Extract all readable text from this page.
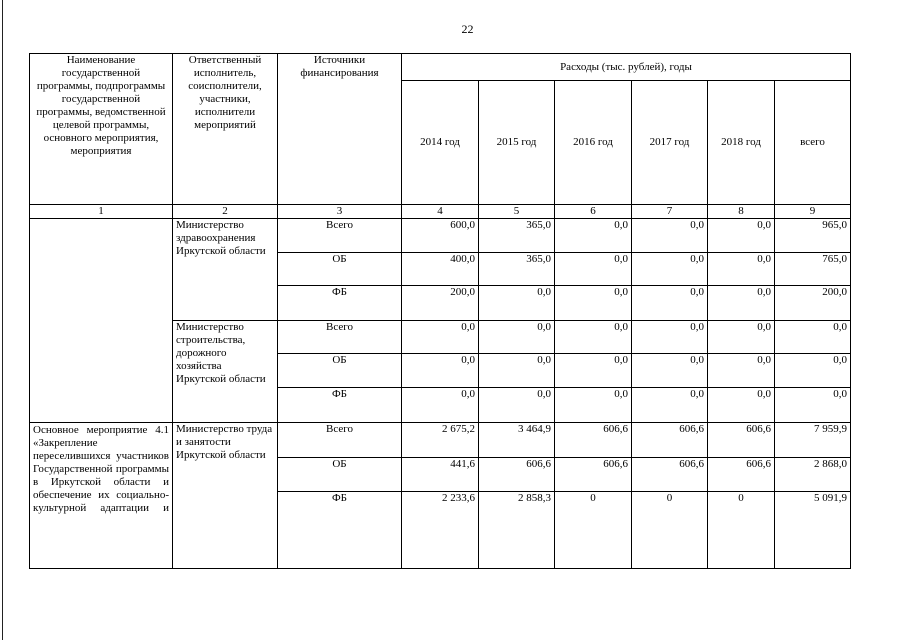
22
Наименование государственной программы, подпрограммы государственной программы, ведомственной целевой программы, основного мероприятия, мероприятия	Ответственный исполнитель, соисполнители, участники, исполнители мероприятий	Источники финансирования	Расходы (тыс. рублей), годы					
			2014 год	2015 год	2016 год	2017 год	2018 год	всего
1	2	3	4	5	6	7	8	9
	Министерство здравоохранения Иркутской области	Всего	600,0	365,0	0,0	0,0	0,0	965,0
		ОБ	400,0	365,0	0,0	0,0	0,0	765,0
		ФБ	200,0	0,0	0,0	0,0	0,0	200,0
	Министерство строительства, дорожного хозяйства Иркутской области	Всего	0,0	0,0	0,0	0,0	0,0	0,0
		ОБ	0,0	0,0	0,0	0,0	0,0	0,0
		ФБ	0,0	0,0	0,0	0,0	0,0	0,0
Основное мероприятие 4.1 «Закрепление переселившихся участников Государственной программы в Иркутской области и обеспечение их социально-культурной адаптации и	Министерство труда и занятости Иркутской области	Всего	2 675,2	3 464,9	606,6	606,6	606,6	7 959,9
		ОБ	441,6	606,6	606,6	606,6	606,6	2 868,0
		ФБ	2 233,6	2 858,3	0	0	0	5 091,9
